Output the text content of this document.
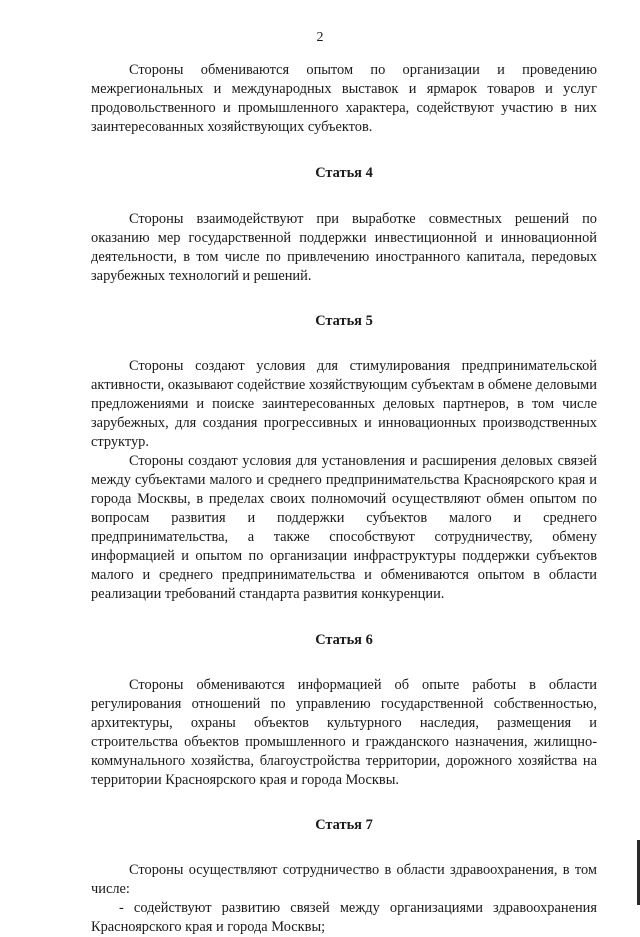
2

Стороны обмениваются опытом по организации и проведению межрегиональных и международных выставок и ярмарок товаров и услуг продовольственного и промышленного характера, содействуют участию в них заинтересованных хозяйствующих субъектов.

Статья 4

Стороны взаимодействуют при выработке совместных решений по оказанию мер государственной поддержки инвестиционной и инновационной деятельности, в том числе по привлечению иностранного капитала, передовых зарубежных технологий и решений.

Статья 5

Стороны создают условия для стимулирования предпринимательской активности, оказывают содействие хозяйствующим субъектам в обмене деловыми предложениями и поиске заинтересованных деловых партнеров, в том числе зарубежных, для создания прогрессивных и инновационных производственных структур.

Стороны создают условия для установления и расширения деловых связей между субъектами малого и среднего предпринимательства Красноярского края и города Москвы, в пределах своих полномочий осуществляют обмен опытом по вопросам развития и поддержки субъектов малого и среднего предпринимательства, а также способствуют сотрудничеству, обмену информацией и опытом по организации инфраструктуры поддержки субъектов малого и среднего предпринимательства и обмениваются опытом в области реализации требований стандарта развития конкуренции.

Статья 6

Стороны обмениваются информацией об опыте работы в области регулирования отношений по управлению государственной собственностью, архитектуры, охраны объектов культурного наследия, размещения и строительства объектов промышленного и гражданского назначения, жилищно-коммунального хозяйства, благоустройства территории, дорожного хозяйства на территории Красноярского края и города Москвы.

Статья 7

Стороны осуществляют сотрудничество в области здравоохранения, в том числе:

- содействуют развитию связей между организациями здравоохранения Красноярского края и города Москвы;
